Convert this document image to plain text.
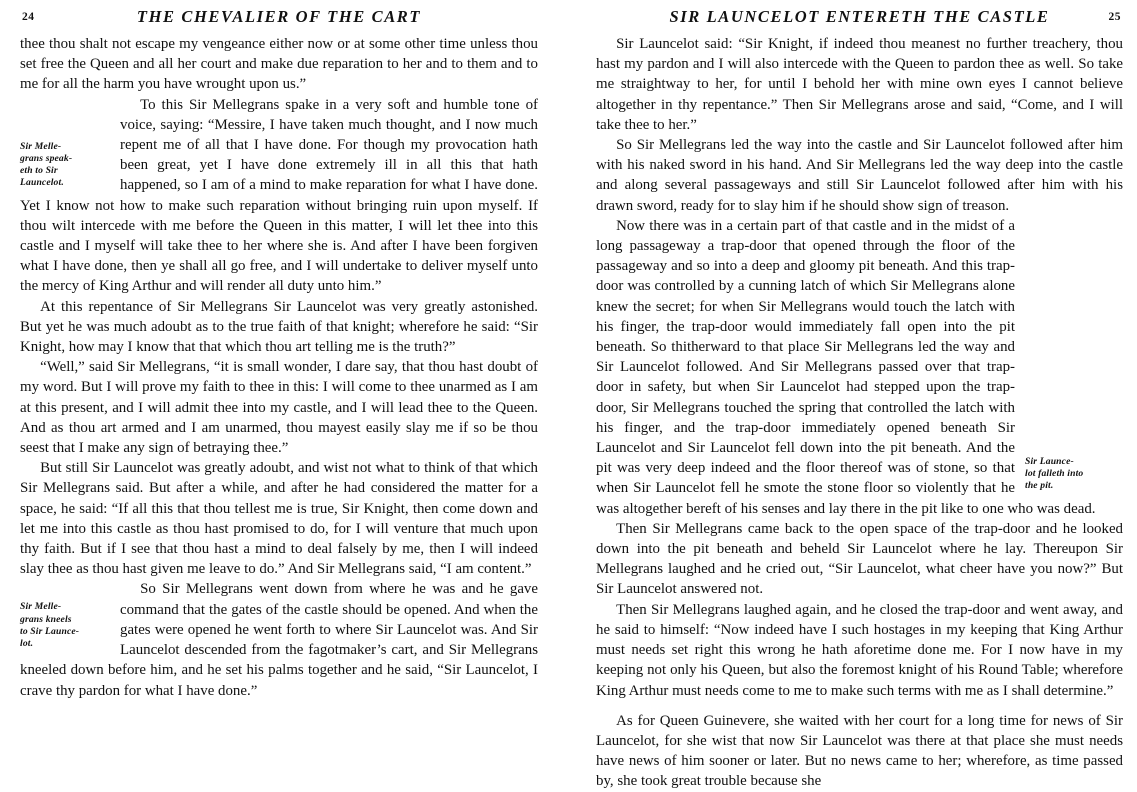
24	THE CHEVALIER OF THE CART

thee thou shalt not escape my vengeance either now or at some other time unless thou set free the Queen and all her court and make due reparation to her and to them and to me for all the harm you have wrought upon us.”

Sir Melle-
grans speak-
eth to Sir
Launcelot.

To this Sir Mellegrans spake in a very soft and humble tone of voice, saying: “Messire, I have taken much thought, and I now much repent me of all that I have done. For though my provocation hath been great, yet I have done extremely ill in all this that hath happened, so I am of a mind to make reparation for what I have done. Yet I know not how to make such reparation without bringing ruin upon myself. If thou wilt intercede with me before the Queen in this matter, I will let thee into this castle and I myself will take thee to her where she is. And after I have been forgiven what I have done, then ye shall all go free, and I will undertake to deliver myself unto the mercy of King Arthur and will render all duty unto him.”

At this repentance of Sir Mellegrans Sir Launcelot was very greatly astonished. But yet he was much adoubt as to the true faith of that knight; wherefore he said: “Sir Knight, how may I know that that which thou art telling me is the truth?”

“Well,” said Sir Mellegrans, “it is small wonder, I dare say, that thou hast doubt of my word. But I will prove my faith to thee in this: I will come to thee unarmed as I am at this present, and I will admit thee into my castle, and I will lead thee to the Queen. And as thou art armed and I am unarmed, thou mayest easily slay me if so be thou seest that I make any sign of betraying thee.”

But still Sir Launcelot was greatly adoubt, and wist not what to think of that which Sir Mellegrans said. But after a while, and after he had considered the matter for a space, he said: “If all this that thou tellest me is true, Sir Knight, then come down and let me into this castle as thou hast promised to do, for I will venture that much upon thy faith. But if I see that thou hast a mind to deal falsely by me, then I will indeed slay thee as thou hast given me leave to do.” And Sir Mellegrans said, “I am content.”

Sir Melle-
grans kneels
to Sir Launce-
lot.

So Sir Mellegrans went down from where he was and he gave command that the gates of the castle should be opened. And when the gates were opened he went forth to where Sir Launcelot was. And Sir Launcelot descended from the fagotmaker’s cart, and Sir Mellegrans kneeled down before him, and he set his palms together and he said, “Sir Launcelot, I crave thy pardon for what I have done.”

SIR LAUNCELOT ENTERETH THE CASTLE	25

Sir Launcelot said: “Sir Knight, if indeed thou meanest no further treachery, thou hast my pardon and I will also intercede with the Queen to pardon thee as well. So take me straightway to her, for until I behold her with mine own eyes I cannot believe altogether in thy repentance.” Then Sir Mellegrans arose and said, “Come, and I will take thee to her.”

So Sir Mellegrans led the way into the castle and Sir Launcelot followed after him with his naked sword in his hand. And Sir Mellegrans led the way deep into the castle and along several passageways and still Sir Launcelot followed after him with his drawn sword, ready for to slay him if he should show sign of treason.

Sir Launce-
lot falleth into
the pit.

Now there was in a certain part of that castle and in the midst of a long passageway a trap-door that opened through the floor of the passageway and so into a deep and gloomy pit beneath. And this trap-door was controlled by a cunning latch of which Sir Mellegrans alone knew the secret; for when Sir Mellegrans would touch the latch with his finger, the trap-door would immediately fall open into the pit beneath. So thitherward to that place Sir Mellegrans led the way and Sir Launcelot followed. And Sir Mellegrans passed over that trap-door in safety, but when Sir Launcelot had stepped upon the trap-door, Sir Mellegrans touched the spring that controlled the latch with his finger, and the trap-door immediately opened beneath Sir Launcelot and Sir Launcelot fell down into the pit beneath. And the pit was very deep indeed and the floor thereof was of stone, so that when Sir Launcelot fell he smote the stone floor so violently that he was altogether bereft of his senses and lay there in the pit like to one who was dead.

Then Sir Mellegrans came back to the open space of the trap-door and he looked down into the pit beneath and beheld Sir Launcelot where he lay. Thereupon Sir Mellegrans laughed and he cried out, “Sir Launcelot, what cheer have you now?” But Sir Launcelot answered not.

Then Sir Mellegrans laughed again, and he closed the trap-door and went away, and he said to himself: “Now indeed have I such hostages in my keeping that King Arthur must needs set right this wrong he hath aforetime done me. For I now have in my keeping not only his Queen, but also the foremost knight of his Round Table; wherefore King Arthur must needs come to me to make such terms with me as I shall determine.”

As for Queen Guinevere, she waited with her court for a long time for news of Sir Launcelot, for she wist that now Sir Launcelot was there at that place she must needs have news of him sooner or later. But no news came to her; wherefore, as time passed by, she took great trouble because she
